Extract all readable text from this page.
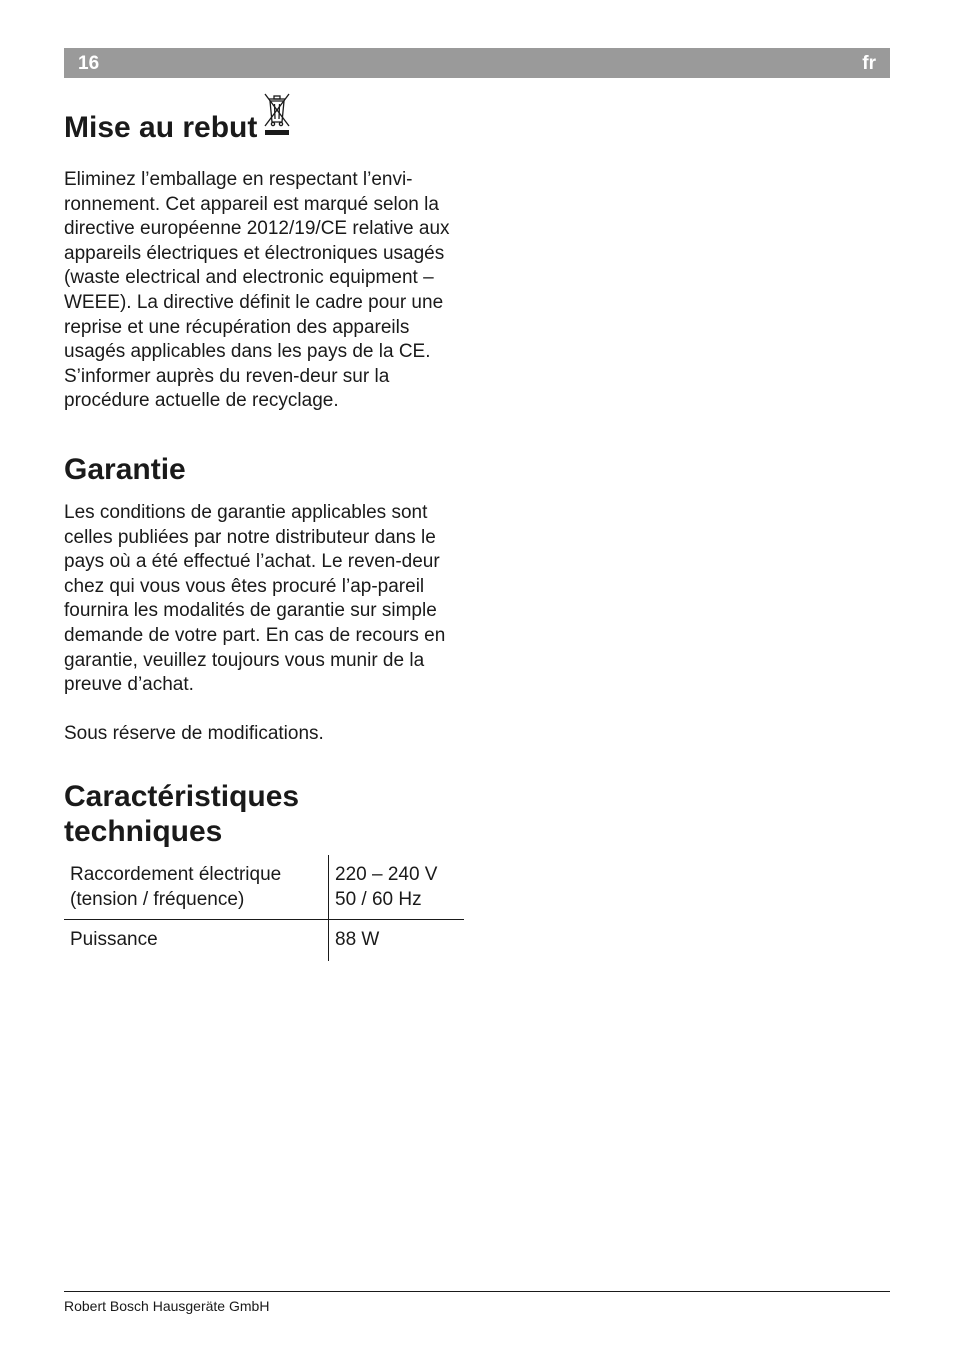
16	fr
Mise au rebut

Eliminez l’emballage en respectant l’envi-ronnement. Cet appareil est marqué selon la directive européenne 2012/19/CE relative aux appareils électriques et électroniques usagés (waste electrical and electronic equipment – WEEE). La directive définit le cadre pour une reprise et une récupération des appareils usagés applicables dans les pays de la CE. S’informer auprès du reven-deur sur la procédure actuelle de recyclage.

Garantie

Les conditions de garantie applicables sont celles publiées par notre distributeur dans le pays où a été effectué l’achat. Le reven-deur chez qui vous vous êtes procuré l’ap-pareil fournira les modalités de garantie sur simple demande de votre part. En cas de recours en garantie, veuillez toujours vous munir de la preuve d’achat.

Sous réserve de modifications.

Caractéristiques techniques
Raccordement électrique (tension / fréquence)	220 – 240 V 50 / 60 Hz
Puissance	88 W
Robert Bosch Hausgeräte GmbH
